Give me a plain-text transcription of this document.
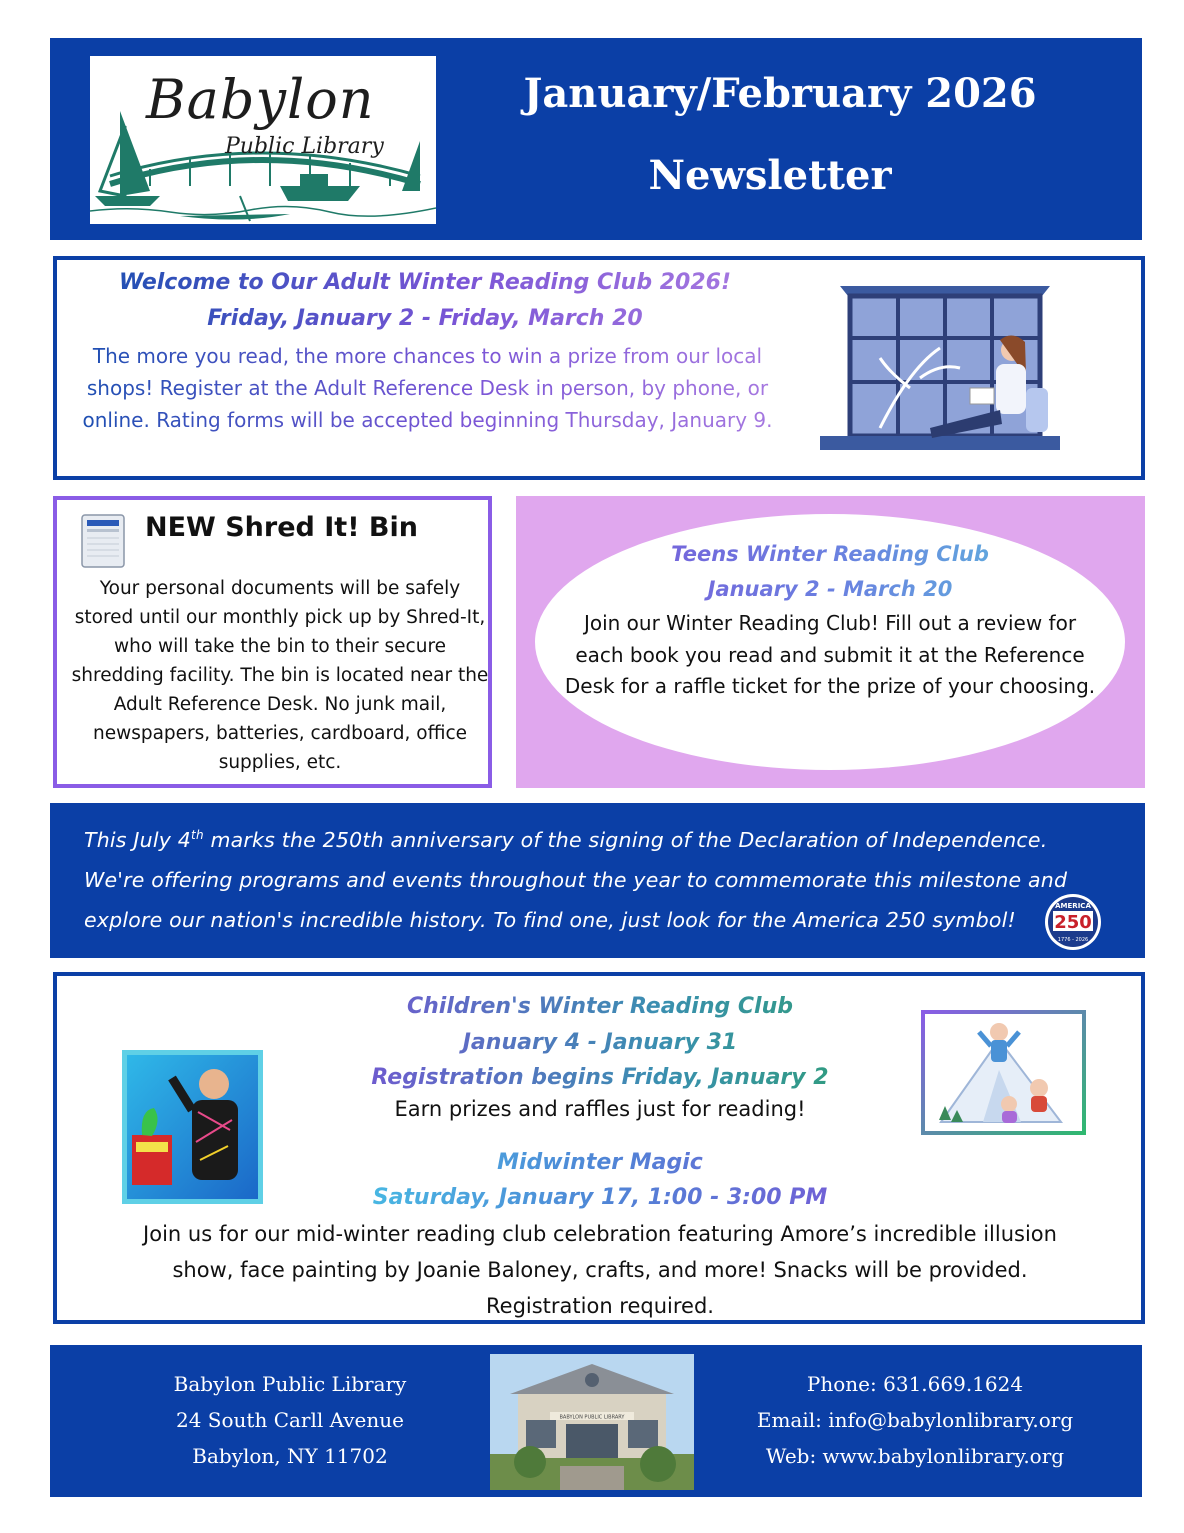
Babylon
Public Library
January/February 2026
Newsletter
Welcome to Our Adult Winter Reading Club 2026!
Friday, January 2 - Friday, March 20
The more you read, the more chances to win a prize from our local shops! Register at the Adult Reference Desk in person, by phone, or online. Rating forms will be accepted beginning Thursday, January 9.
NEW Shred It! Bin
Your personal documents will be safely stored until our monthly pick up by Shred-It, who will take the bin to their secure shredding facility. The bin is located near the Adult Reference Desk. No junk mail, newspapers, batteries, cardboard, office supplies, etc.
Teens Winter Reading Club
January 2 - March 20
Join our Winter Reading Club! Fill out a review for each book you read and submit it at the Reference Desk for a raffle ticket for the prize of your choosing.
This July 4th marks the 250th anniversary of the signing of the Declaration of Independence. We're offering programs and events throughout the year to commemorate this milestone and explore our nation's incredible history. To find one, just look for the America 250 symbol!
AMERICA
250
1776 - 2026
Children's Winter Reading Club
January 4 - January 31
Registration begins Friday, January 2
Earn prizes and raffles just for reading!
Midwinter Magic
Saturday, January 17, 1:00 - 3:00 PM
Join us for our mid-winter reading club celebration featuring Amore’s incredible illusion show, face painting by Joanie Baloney, crafts, and more! Snacks will be provided. Registration required.
Babylon Public Library
24 South Carll Avenue
Babylon, NY 11702
BABYLON PUBLIC LIBRARY
Phone: 631.669.1624
Email: info@babylonlibrary.org
Web: www.babylonlibrary.org
